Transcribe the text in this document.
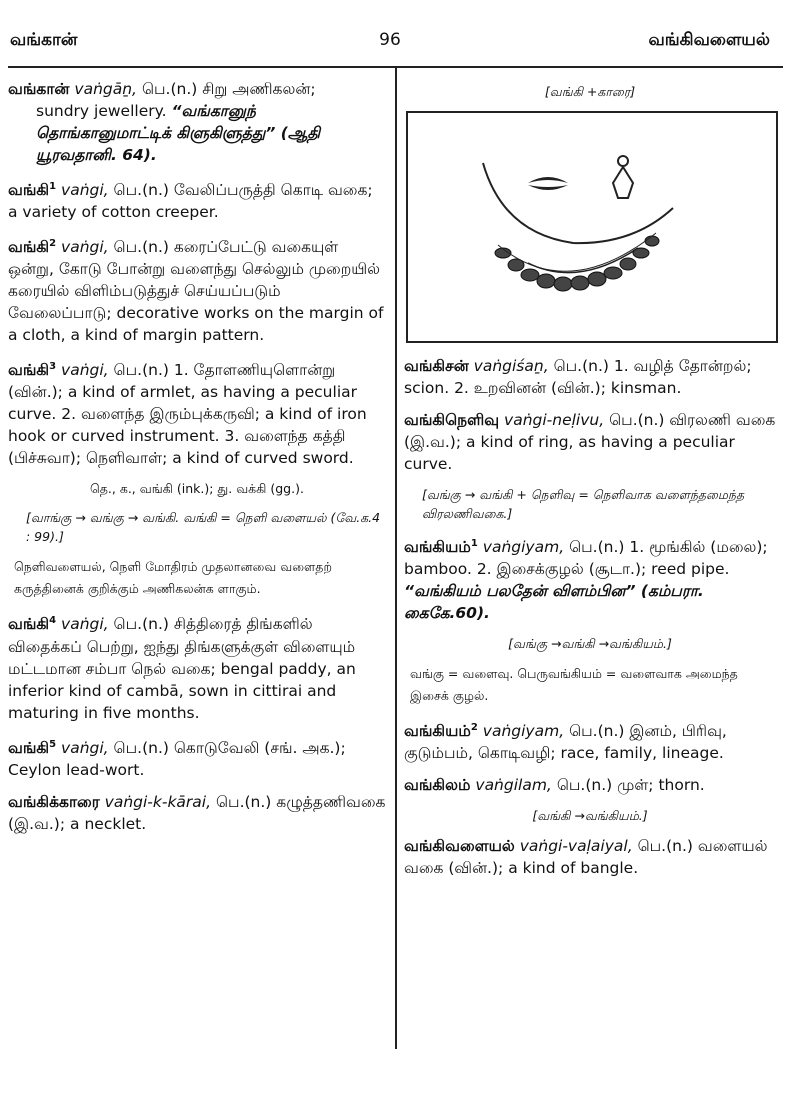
96
வங்கான்	வங்கிவளையல்
வங்கான் vaṅgāṉ, பெ.(n.) சிறு அணிகலன்;
sundry jewellery. “வங்கானுந் தொங்கானுமாட்டிக் கிளுகிளுத்து” (ஆதி யூரவதானி. 64).
வங்கி$^1$ vaṅgi, பெ.(n.) வேலிப்பருத்தி கொடி வகை; a variety of cotton creeper.
வங்கி$^2$ vaṅgi, பெ.(n.) கரைப்பேட்டு வகையுள் ஒன்று, கோடு போன்று வளைந்து செல்லும் முறையில் கரையில் விளிம்படுத்துச் செய்யப்படும் வேலைப்பாடு; decorative works on the margin of a cloth, a kind of margin pattern.
வங்கி$^3$ vaṅgi, பெ.(n.) 1. தோளணியுளொன்று (வின்.); a kind of armlet, as having a peculiar curve. 2. வளைந்த இரும்புக்கருவி; a kind of iron hook or curved instrument. 3. வளைந்த கத்தி (பிச்சுவா); நெளிவாள்; a kind of curved sword.
தெ., க., வங்கி (ink.); து. வக்கி (gg.).
[வாங்கு → வங்கு → வங்கி. வங்கி = நெளி வளையல் (வே.க.4 : 99).]
நெளிவளையல், நெளி மோதிரம் முதலானவை வளைதற் கருத்தினைக் குறிக்கும் அணிகலன்க ளாகும்.
வங்கி$^4$ vaṅgi, பெ.(n.) சித்திரைத் திங்களில் விதைக்கப் பெற்று, ஐந்து திங்களுக்குள் விளையும் மட்டமான சம்பா நெல் வகை; bengal paddy, an inferior kind of cambā, sown in cittirai and maturing in five months.
வங்கி$^5$ vaṅgi, பெ.(n.) கொடுவேலி (சங். அக.); Ceylon lead-wort.
வங்கிக்காரை vaṅgi-k-kārai, பெ.(n.) கழுத்தணிவகை (இ.வ.); a necklet.
[வங்கி +காரை]
வங்கிசன் vaṅgiśaṉ, பெ.(n.) 1. வழித் தோன்றல்; scion. 2. உறவினன் (வின்.); kinsman.
வங்கிநெளிவு vaṅgi-neḷivu, பெ.(n.) விரலணி வகை (இ.வ.); a kind of ring, as having a peculiar curve.
[வங்கு → வங்கி + நெளிவு = நெளிவாக வளைந்தமைந்த விரலணிவகை.]
வங்கியம்$^1$ vaṅgiyam, பெ.(n.) 1. மூங்கில் (மலை); bamboo. 2. இசைக்குழல் (சூடா.); reed pipe. “வங்கியம் பலதேன் விளம்பின” (கம்பரா. கைகே.60).
[வங்கு →வங்கி →வங்கியம்.]
வங்கு = வளைவு. பெருவங்கியம் = வளைவாக அமைந்த இசைக் குழல்.
வங்கியம்$^2$ vaṅgiyam, பெ.(n.) இனம், பிரிவு, குடும்பம், கொடிவழி; race, family, lineage.
வங்கிலம் vaṅgilam, பெ.(n.) முள்; thorn.
[வங்கி →வங்கியம்.]
வங்கிவளையல் vaṅgi-vaḷaiyal, பெ.(n.) வளையல் வகை (வின்.); a kind of bangle.
